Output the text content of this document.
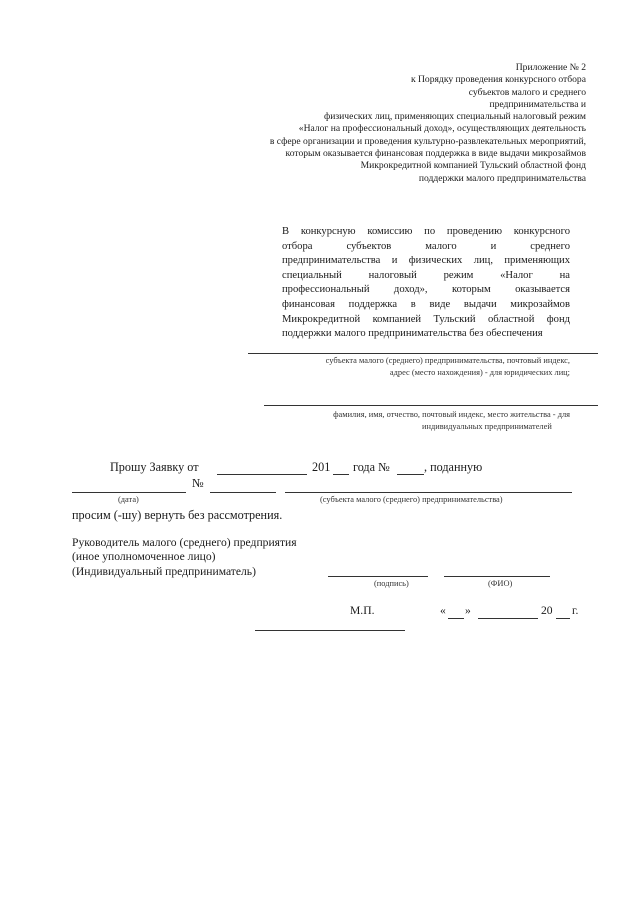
Приложение № 2
к Порядку проведения конкурсного отбора
субъектов малого и среднего
предпринимательства и
физических лиц, применяющих специальный налоговый режим
«Налог на профессиональный доход», осуществляющих деятельность
в сфере организации и проведения культурно-развлекательных мероприятий,
которым оказывается финансовая поддержка в виде выдачи микрозаймов
Микрокредитной компанией Тульский областной фонд
поддержки малого предпринимательства
В конкурсную комиссию по проведению конкурсного
отбора субъектов малого и среднего
предпринимательства и физических лиц, применяющих
специальный налоговый режим «Налог на
профессиональный доход», которым оказывается
финансовая поддержка в виде выдачи микрозаймов
Микрокредитной компанией Тульский областной фонд
поддержки малого предпринимательства без обеспечения
субъекта малого (среднего) предпринимательства, почтовый индекс,
адрес (место нахождения) - для юридических лиц;
фамилия, имя, отчество, почтовый индекс, место жительства - для
индивидуальных предпринимателей
Прошу Заявку от	201 года №	, поданную
№
(дата)	(субъекта малого (среднего) предпринимательства)
просим (-шу) вернуть без рассмотрения.
Руководитель малого (среднего) предприятия
(иное уполномоченное лицо)
(Индивидуальный предприниматель)
(подпись)	(ФИО)
М.П.	« »	20 г.
